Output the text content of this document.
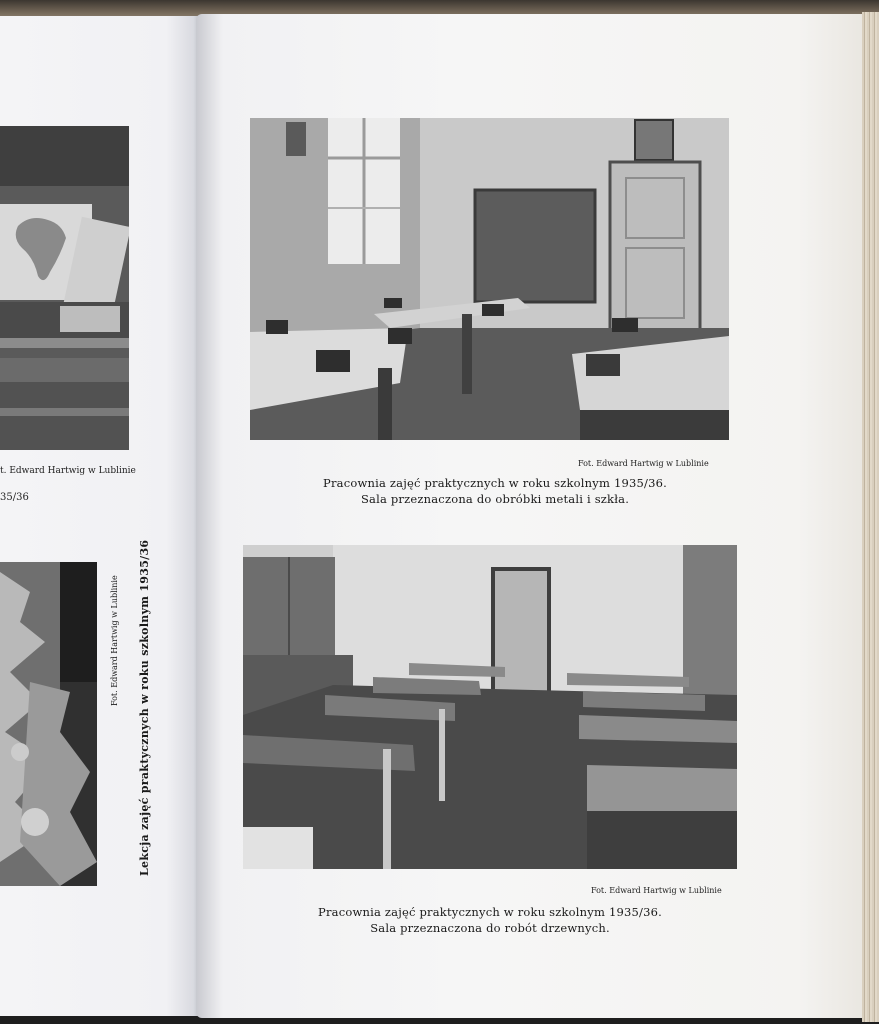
t. Edward Hartwig w Lublinie
35/36
Fot. Edward Hartwig w Lublinie Lekcja zajęć praktycznych w roku szkolnym 1935/36
Fot. Edward Hartwig w Lublinie
Pracownia zajęć praktycznych w roku szkolnym 1935/36.
Sala przeznaczona do obróbki metali i szkła.
Fot. Edward Hartwig w Lublinie
Pracownia zajęć praktycznych w roku szkolnym 1935/36.
Sala przeznaczona do robót drzewnych.
